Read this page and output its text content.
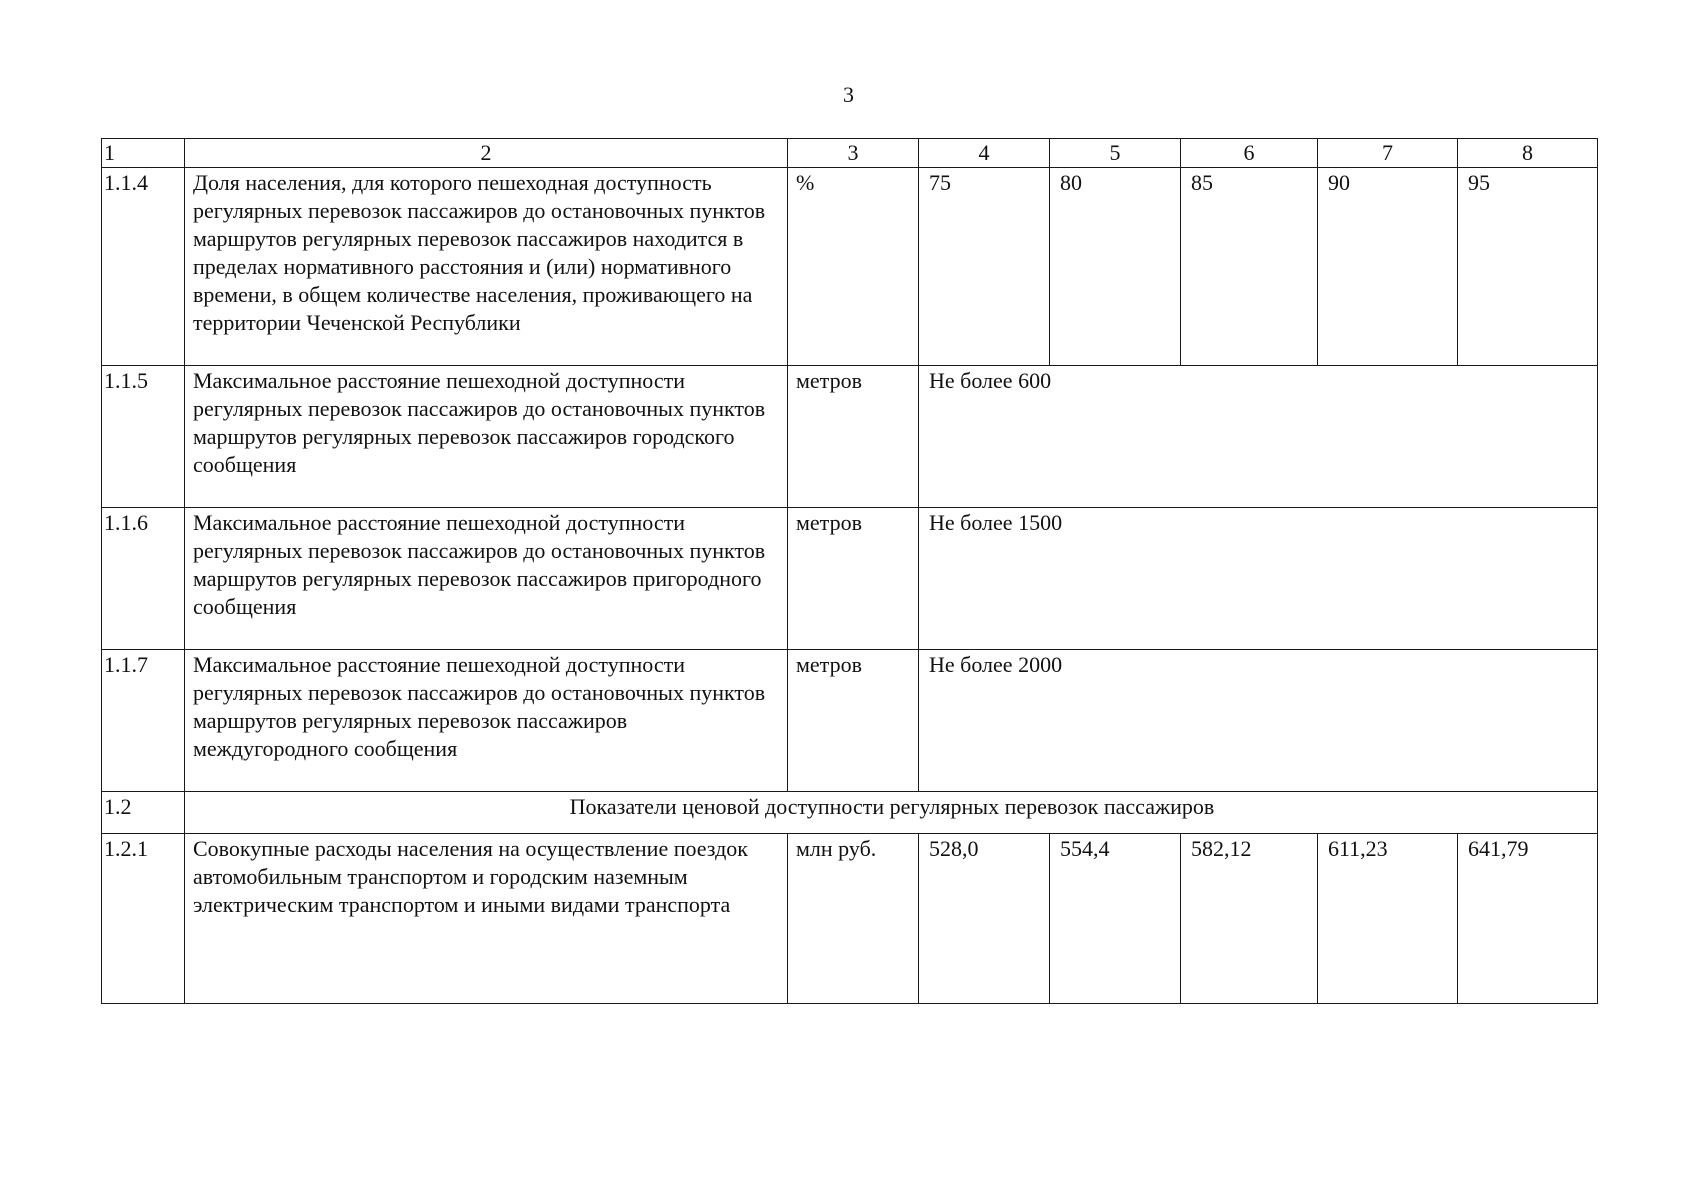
3
1	2	3	4	5	6	7	8
1.1.4	Доля населения, для которого пешеходная доступность регулярных перевозок пассажиров до остановочных пунктов маршрутов регулярных перевозок пассажиров находится в пределах нормативного расстояния и (или) нормативного времени, в общем количестве населения, проживающего на территории Чеченской Республики	%	75	80	85	90	95
1.1.5	Максимальное расстояние пешеходной доступности регулярных перевозок пассажиров до остановочных пунктов маршрутов регулярных перевозок пассажиров городского сообщения	метров	Не более 600				
1.1.6	Максимальное расстояние пешеходной доступности регулярных перевозок пассажиров до остановочных пунктов маршрутов регулярных перевозок пассажиров пригородного сообщения	метров	Не более 1500				
1.1.7	Максимальное расстояние пешеходной доступности регулярных перевозок пассажиров до остановочных пунктов маршрутов регулярных перевозок пассажиров междугородного сообщения	метров	Не более 2000				
1.2	Показатели ценовой доступности регулярных перевозок пассажиров						
1.2.1	Совокупные расходы населения на осуществление поездок автомобильным транспортом и городским наземным электрическим транспортом и иными видами транспорта	млн руб.	528,0	554,4	582,12	611,23	641,79
